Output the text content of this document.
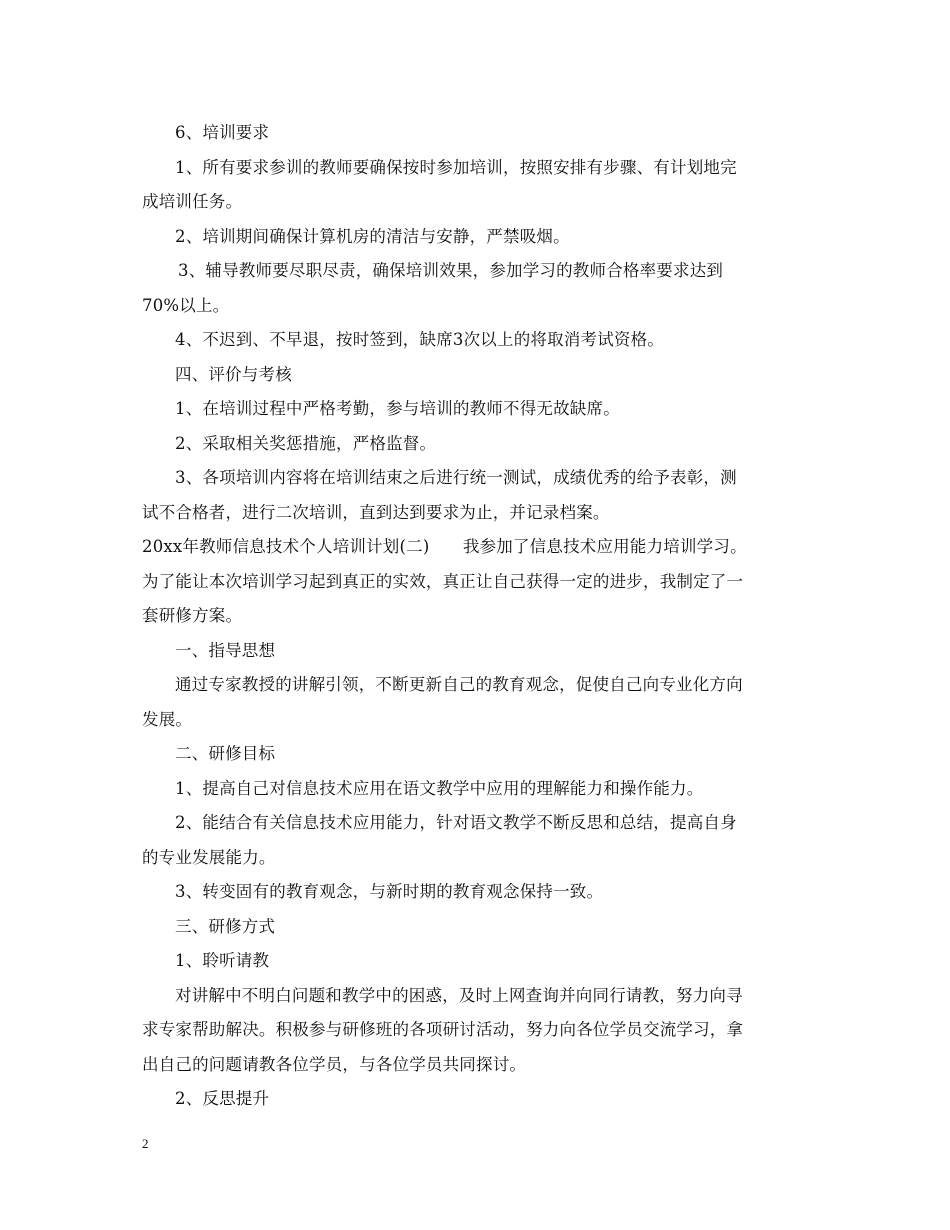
6、培训要求
1、所有要求参训的教师要确保按时参加培训，按照安排有步骤、有计划地完
成培训任务。
2、培训期间确保计算机房的清洁与安静，严禁吸烟。
3、辅导教师要尽职尽责，确保培训效果，参加学习的教师合格率要求达到
70%以上。
4、不迟到、不早退，按时签到，缺席3次以上的将取消考试资格。
四、评价与考核
1、在培训过程中严格考勤，参与培训的教师不得无故缺席。
2、采取相关奖惩措施，严格监督。
3、各项培训内容将在培训结束之后进行统一测试，成绩优秀的给予表彰，测
试不合格者，进行二次培训，直到达到要求为止，并记录档案。
20xx年教师信息技术个人培训计划(二)　　我参加了信息技术应用能力培训学习。
为了能让本次培训学习起到真正的实效，真正让自己获得一定的进步，我制定了一
套研修方案。
一、指导思想
通过专家教授的讲解引领，不断更新自己的教育观念，促使自己向专业化方向
发展。
二、研修目标
1、提高自己对信息技术应用在语文教学中应用的理解能力和操作能力。
2、能结合有关信息技术应用能力，针对语文教学不断反思和总结，提高自身
的专业发展能力。
3、转变固有的教育观念，与新时期的教育观念保持一致。
三、研修方式
1、聆听请教
对讲解中不明白问题和教学中的困惑，及时上网查询并向同行请教，努力向寻
求专家帮助解决。积极参与研修班的各项研讨活动，努力向各位学员交流学习，拿
出自己的问题请教各位学员，与各位学员共同探讨。
2、反思提升
2
